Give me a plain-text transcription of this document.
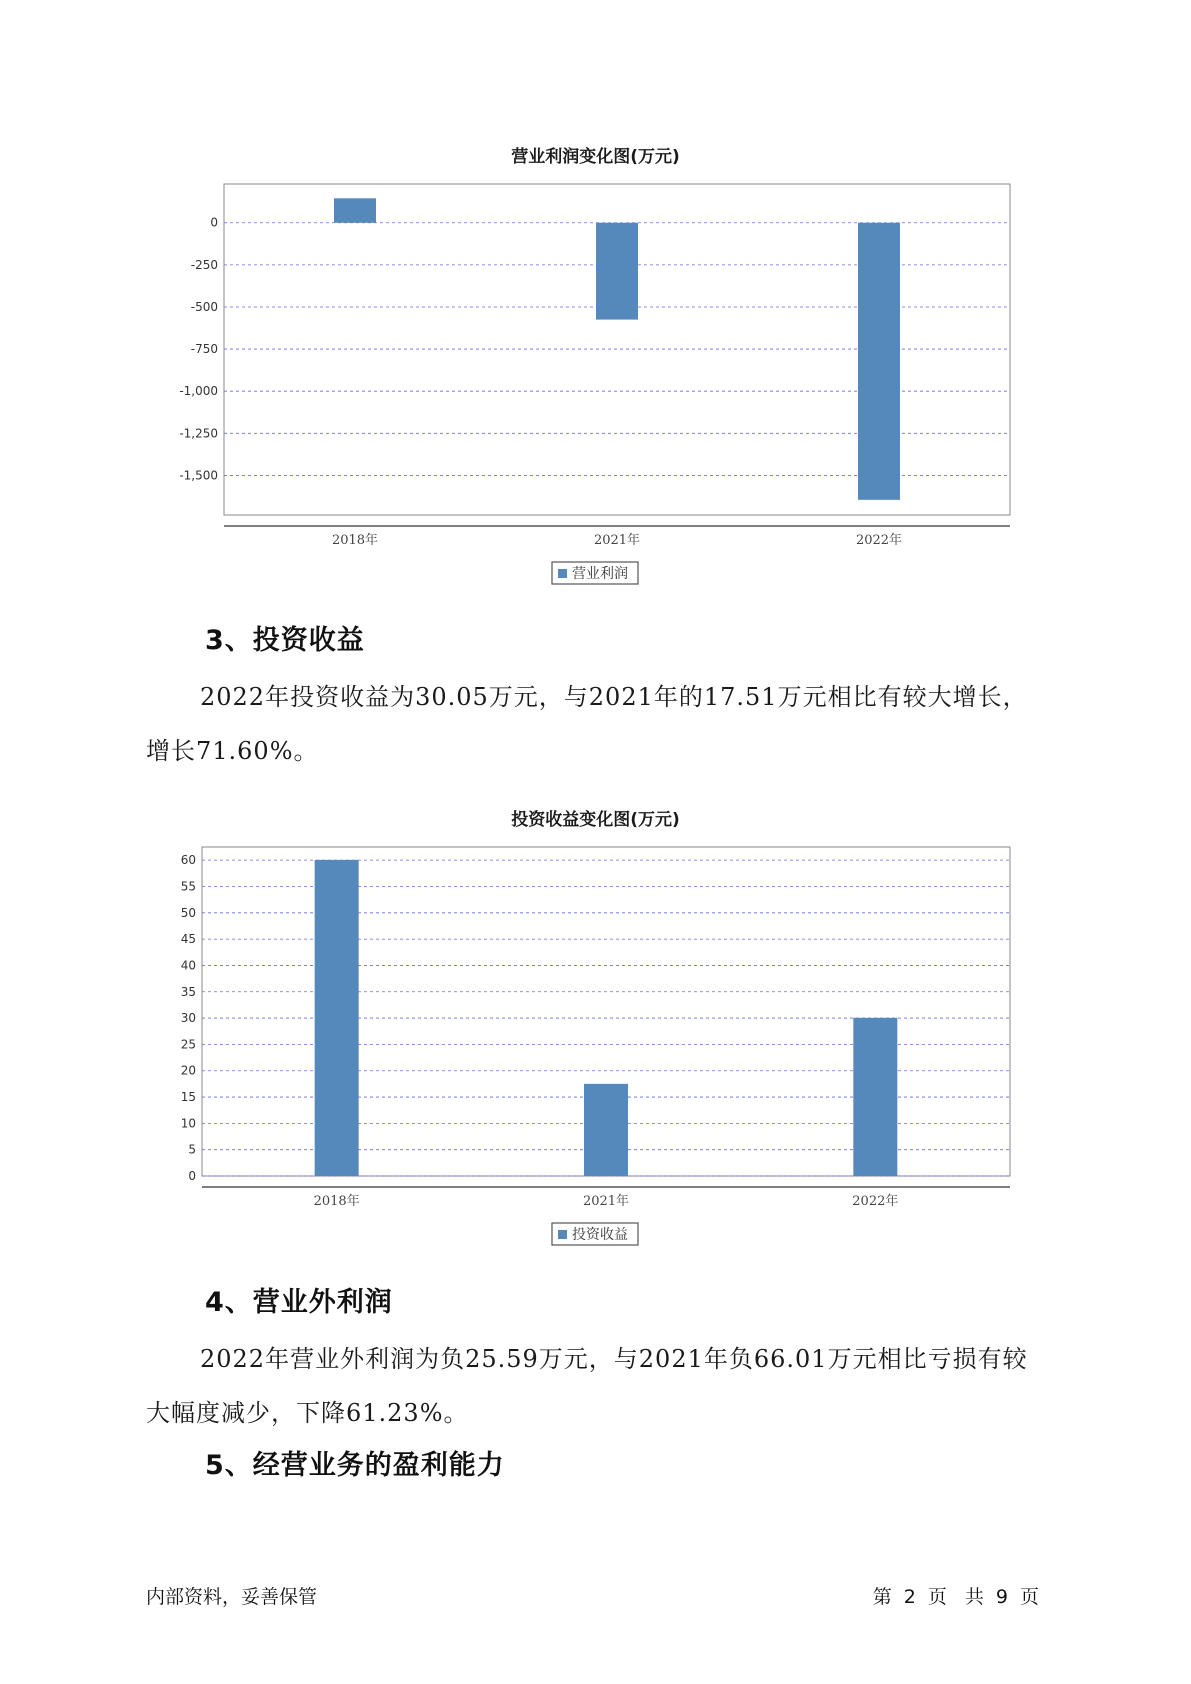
营业利润变化图(万元)
0
-250
-500
-750
-1,000
-1,250
-1,500
2018年	2021年	2022年
营业利润
3、投资收益
2022年投资收益为30.05万元，与2021年的17.51万元相比有较大增长，增长71.60%。
投资收益变化图(万元)
0
5
10
15
20
25
30
35
40
45
50
55
60
2018年	2021年	2022年
投资收益
4、营业外利润
2022年营业外利润为负25.59万元，与2021年负66.01万元相比亏损有较大幅度减少，下降61.23%。
5、经营业务的盈利能力
内部资料，妥善保管	第 2 页 共 9 页
